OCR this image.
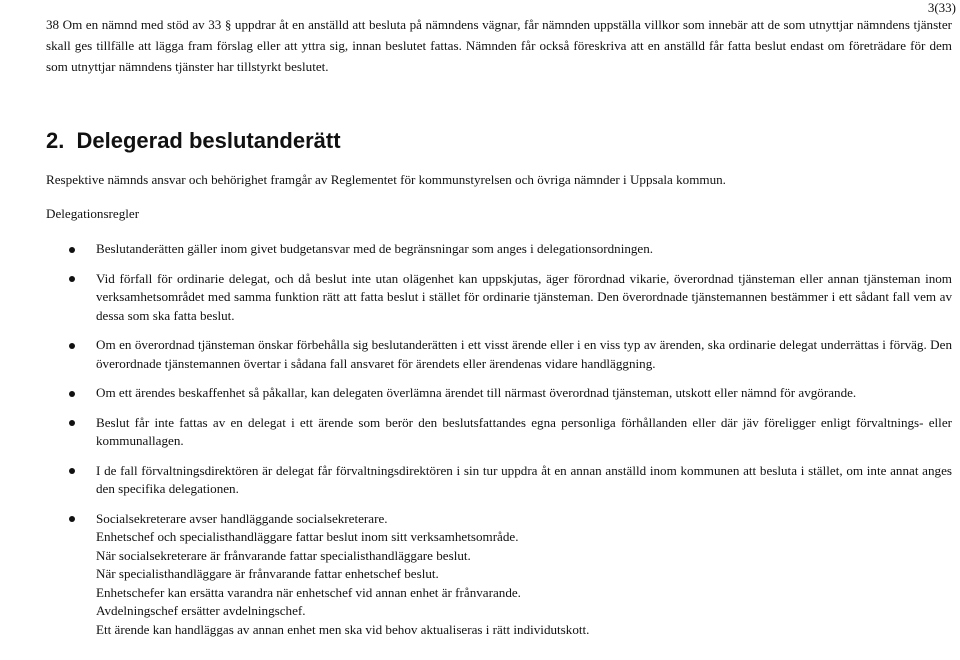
3(33)

38 Om en nämnd med stöd av 33 § uppdrar åt en anställd att besluta på nämndens vägnar, får nämnden uppställa villkor som innebär att de som utnyttjar nämndens tjänster skall ges tillfälle att lägga fram förslag eller att yttra sig, innan beslutet fattas. Nämnden får också föreskriva att en anställd får fatta beslut endast om företrädare för dem som utnyttjar nämndens tjänster har tillstyrkt beslutet.

2. Delegerad beslutanderätt
Respektive nämnds ansvar och behörighet framgår av Reglementet för kommunstyrelsen och övriga nämnder i Uppsala kommun.
Delegationsregler
Beslutanderätten gäller inom givet budgetansvar med de begränsningar som anges i delegationsordningen.
Vid förfall för ordinarie delegat, och då beslut inte utan olägenhet kan uppskjutas, äger förordnad vikarie, överordnad tjänsteman eller annan tjänsteman inom verksamhetsområdet med samma funktion rätt att fatta beslut i stället för ordinarie tjänsteman. Den överordnade tjänstemannen bestämmer i ett sådant fall vem av dessa som ska fatta beslut.
Om en överordnad tjänsteman önskar förbehålla sig beslutanderätten i ett visst ärende eller i en viss typ av ärenden, ska ordinarie delegat underrättas i förväg. Den överordnade tjänstemannen övertar i sådana fall ansvaret för ärendets eller ärendenas vidare handläggning.
Om ett ärendes beskaffenhet så påkallar, kan delegaten överlämna ärendet till närmast överordnad tjänsteman, utskott eller nämnd för avgörande.
Beslut får inte fattas av en delegat i ett ärende som berör den beslutsfattandes egna personliga förhållanden eller där jäv föreligger enligt förvaltnings- eller kommunallagen.
I de fall förvaltningsdirektören är delegat får förvaltningsdirektören i sin tur uppdra åt en annan anställd inom kommunen att besluta i stället, om inte annat anges den specifika delegationen.
Socialsekreterare avser handläggande socialsekreterare.
Enhetschef och specialisthandläggare fattar beslut inom sitt verksamhetsområde.
När socialsekreterare är frånvarande fattar specialisthandläggare beslut.
När specialisthandläggare är frånvarande fattar enhetschef beslut.
Enhetschefer kan ersätta varandra när enhetschef vid annan enhet är frånvarande.
Avdelningschef ersätter avdelningschef.
Ett ärende kan handläggas av annan enhet men ska vid behov aktualiseras i rätt individutskott.
